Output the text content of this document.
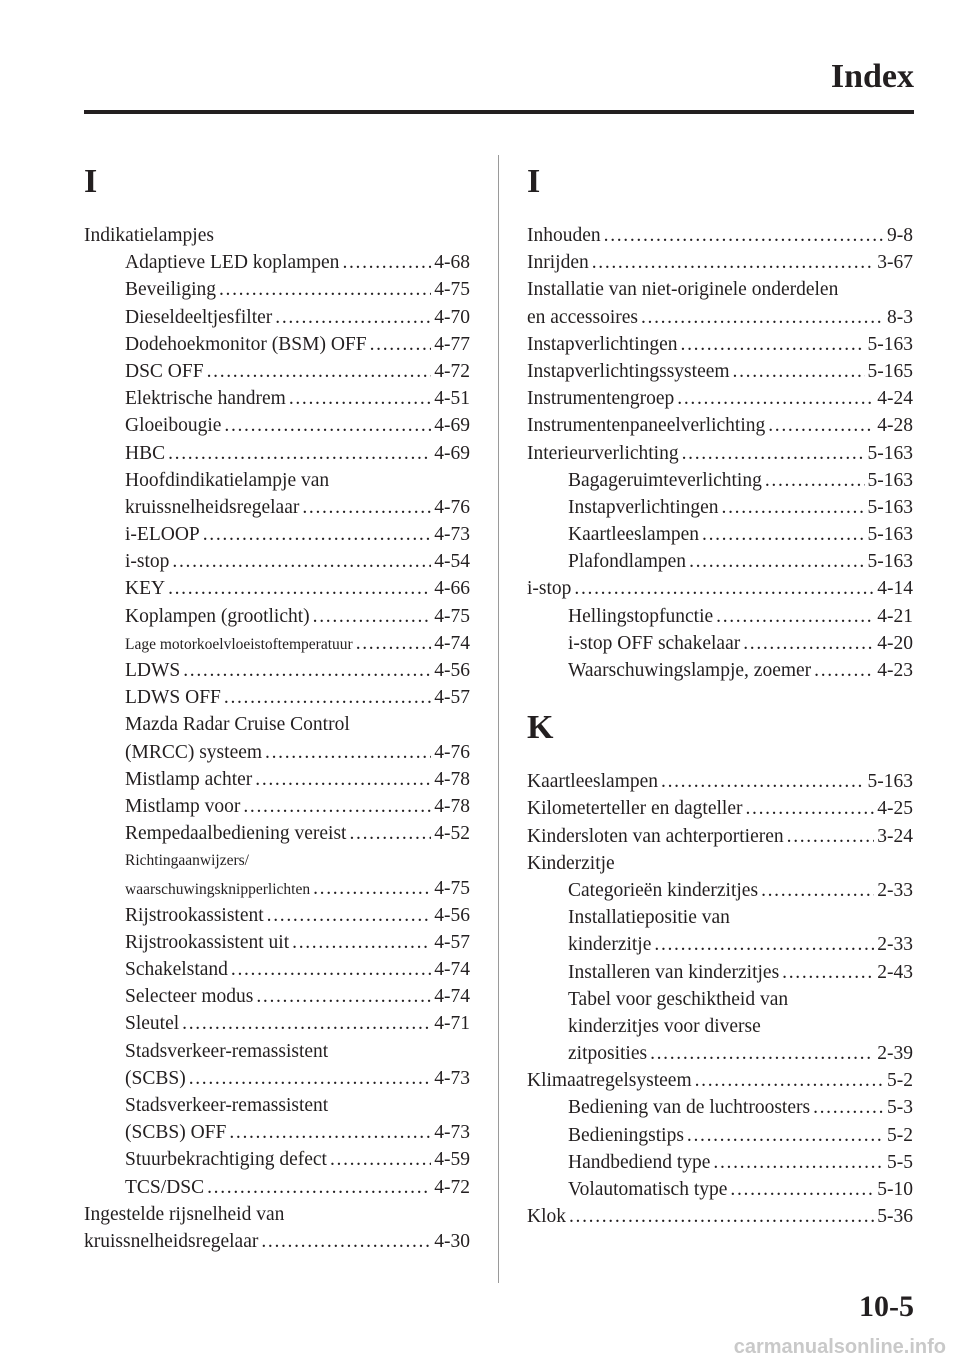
Index
I
Indikatielampjes
Adaptieve LED koplampen . . .	4-68
Beveiliging . . .	4-75
Dieseldeeltjesfilter . . .	4-70
Dodehoekmonitor (BSM) OFF . . .	4-77
DSC OFF . . .	4-72
Elektrische handrem . . .	4-51
Gloeibougie . . .	4-69
HBC . . .	4-69
Hoofdindikatielampje van
kruissnelheidsregelaar . . .	4-76
i-ELOOP . . .	4-73
i-stop . . .	4-54
KEY . . .	4-66
Koplampen (grootlicht) . . .	4-75
Lage motorkoelvloeistoftemperatuur . . .	4-74
LDWS . . .	4-56
LDWS OFF . . .	4-57
Mazda Radar Cruise Control
(MRCC) systeem . . .	4-76
Mistlamp achter . . .	4-78
Mistlamp voor . . .	4-78
Rempedaalbediening vereist . . .	4-52
Richtingaanwijzers/
waarschuwingsknipperlichten . . .	4-75
Rijstrookassistent . . .	4-56
Rijstrookassistent uit . . .	4-57
Schakelstand . . .	4-74
Selecteer modus . . .	4-74
Sleutel . . .	4-71
Stadsverkeer-remassistent
(SCBS) . . .	4-73
Stadsverkeer-remassistent
(SCBS) OFF . . .	4-73
Stuurbekrachtiging defect . . .	4-59
TCS/DSC . . .	4-72
Ingestelde rijsnelheid van
kruissnelheidsregelaar . . .	4-30
I
Inhouden . . .	9-8
Inrijden . . .	3-67
Installatie van niet-originele onderdelen
en accessoires . . .	8-3
Instapverlichtingen . . .	5-163
Instapverlichtingssysteem . . .	5-165
Instrumentengroep . . .	4-24
Instrumentenpaneelverlichting . . .	4-28
Interieurverlichting . . .	5-163
Bagageruimteverlichting . . .	5-163
Instapverlichtingen . . .	5-163
Kaartleeslampen . . .	5-163
Plafondlampen . . .	5-163
i-stop . . .	4-14
Hellingstopfunctie . . .	4-21
i-stop OFF schakelaar . . .	4-20
Waarschuwingslampje, zoemer . . .	4-23
K
Kaartleeslampen . . .	5-163
Kilometerteller en dagteller . . .	4-25
Kindersloten van achterportieren . . .	3-24
Kinderzitje
Categorieën kinderzitjes . . .	2-33
Installatiepositie van
kinderzitje . . .	2-33
Installeren van kinderzitjes . . .	2-43
Tabel voor geschiktheid van
kinderzitjes voor diverse
zitposities . . .	2-39
Klimaatregelsysteem . . .	5-2
Bediening van de luchtroosters . . .	5-3
Bedieningstips . . .	5-2
Handbediend type . . .	5-5
Volautomatisch type . . .	5-10
Klok . . .	5-36
10-5
carmanualsonline.info
